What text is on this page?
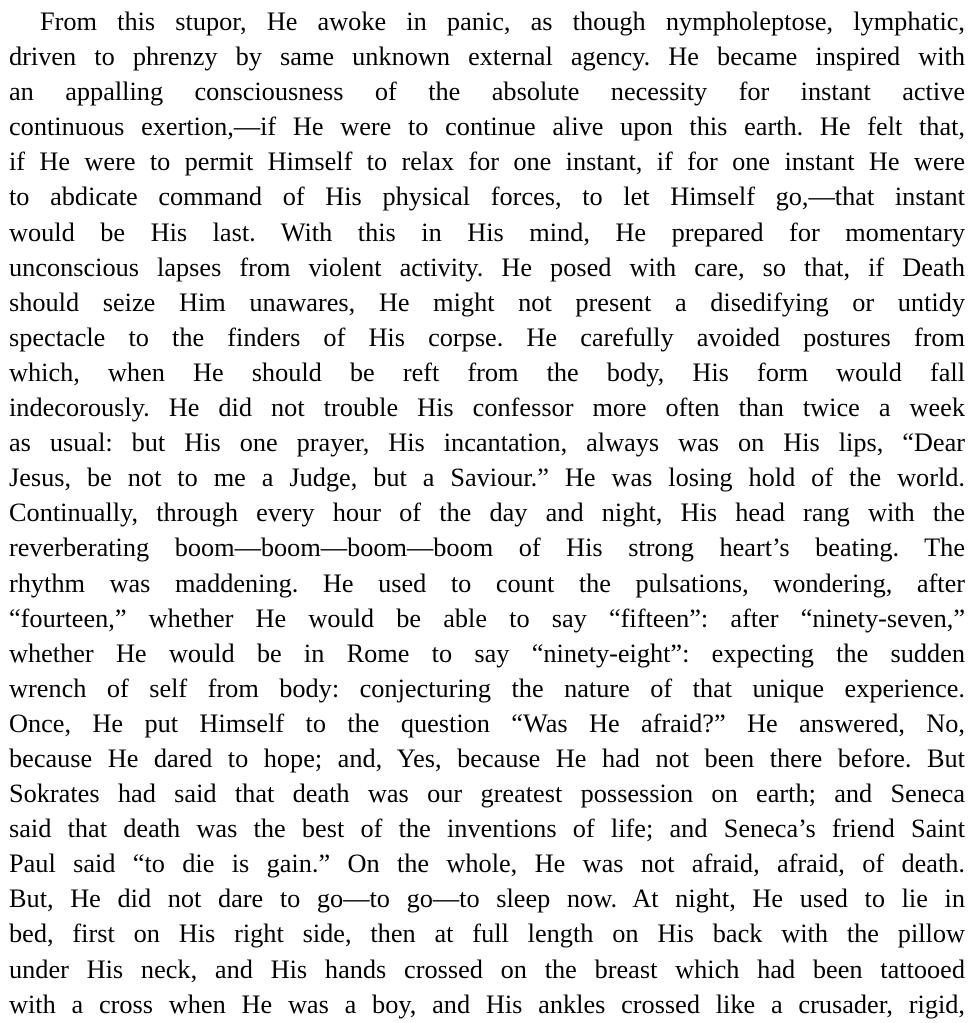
From this stupor, He awoke in panic, as though nympholeptose, lymphatic,
driven to phrenzy by same unknown external agency. He became inspired with
an appalling consciousness of the absolute necessity for instant active
continuous exertion,—if He were to continue alive upon this earth. He felt that,
if He were to permit Himself to relax for one instant, if for one instant He were
to abdicate command of His physical forces, to let Himself go,—that instant
would be His last. With this in His mind, He prepared for momentary
unconscious lapses from violent activity. He posed with care, so that, if Death
should seize Him unawares, He might not present a disedifying or untidy
spectacle to the finders of His corpse. He carefully avoided postures from
which, when He should be reft from the body, His form would fall
indecorously. He did not trouble His confessor more often than twice a week
as usual: but His one prayer, His incantation, always was on His lips, “Dear
Jesus, be not to me a Judge, but a Saviour.” He was losing hold of the world.
Continually, through every hour of the day and night, His head rang with the
reverberating boom—boom—boom—boom of His strong heart’s beating. The
rhythm was maddening. He used to count the pulsations, wondering, after
“fourteen,” whether He would be able to say “fifteen”: after “ninety-seven,”
whether He would be in Rome to say “ninety-eight”: expecting the sudden
wrench of self from body: conjecturing the nature of that unique experience.
Once, He put Himself to the question “Was He afraid?” He answered, No,
because He dared to hope; and, Yes, because He had not been there before. But
Sokrates had said that death was our greatest possession on earth; and Seneca
said that death was the best of the inventions of life; and Seneca’s friend Saint
Paul said “to die is gain.” On the whole, He was not afraid, afraid, of death.
But, He did not dare to go—to go—to sleep now. At night, He used to lie in
bed, first on His right side, then at full length on His back with the pillow
under His neck, and His hands crossed on the breast which had been tattooed
with a cross when He was a boy, and His ankles crossed like a crusader, rigid,
